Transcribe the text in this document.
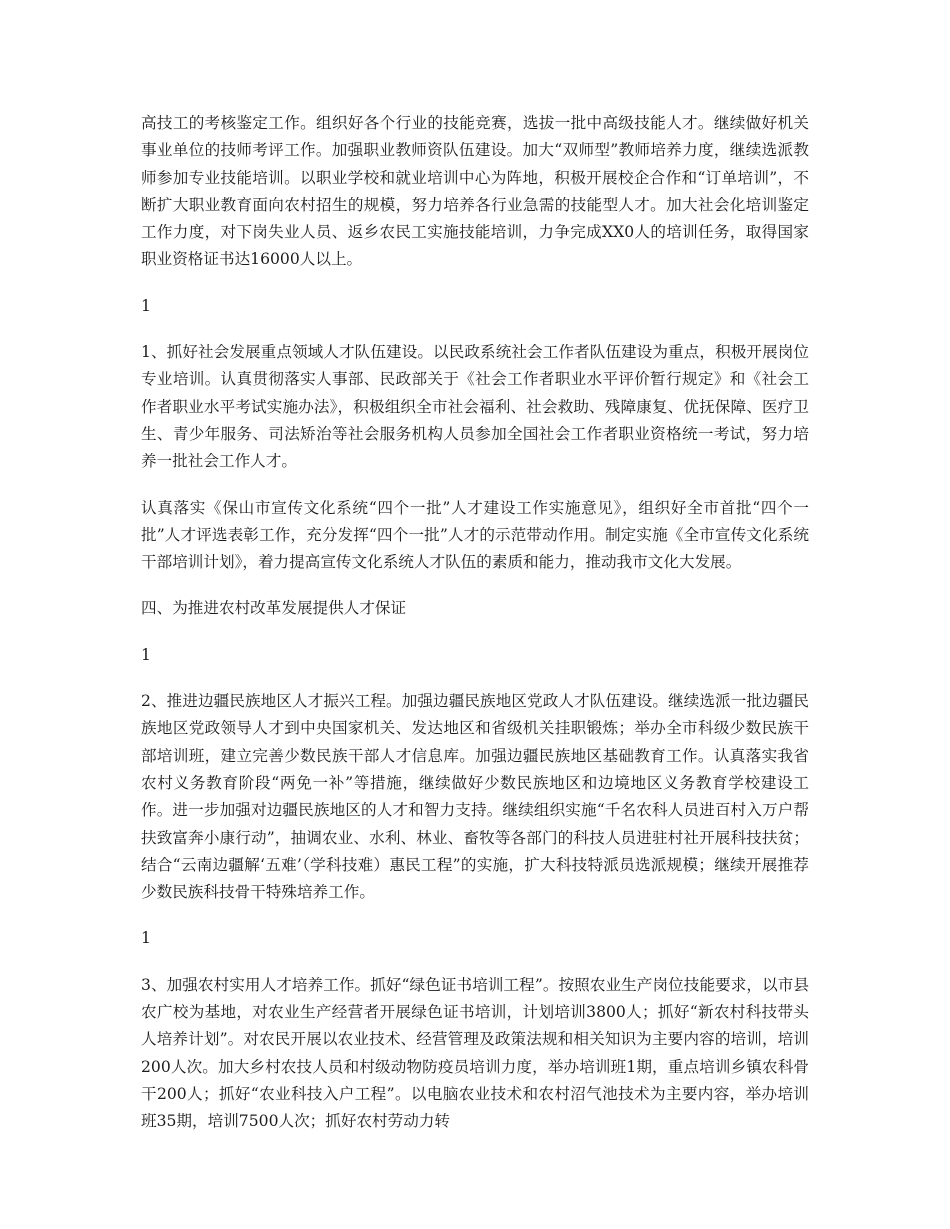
高技工的考核鉴定工作。组织好各个行业的技能竞赛，选拔一批中高级技能人才。继续做好机关事业单位的技师考评工作。加强职业教师资队伍建设。加大“双师型”教师培养力度，继续选派教师参加专业技能培训。以职业学校和就业培训中心为阵地，积极开展校企合作和“订单培训”，不断扩大职业教育面向农村招生的规模，努力培养各行业急需的技能型人才。加大社会化培训鉴定工作力度，对下岗失业人员、返乡农民工实施技能培训，力争完成XX0人的培训任务，取得国家职业资格证书达16000人以上。

1

1、抓好社会发展重点领域人才队伍建设。以民政系统社会工作者队伍建设为重点，积极开展岗位专业培训。认真贯彻落实人事部、民政部关于《社会工作者职业水平评价暂行规定》和《社会工作者职业水平考试实施办法》，积极组织全市社会福利、社会救助、残障康复、优抚保障、医疗卫生、青少年服务、司法矫治等社会服务机构人员参加全国社会工作者职业资格统一考试，努力培养一批社会工作人才。

认真落实《保山市宣传文化系统“四个一批”人才建设工作实施意见》，组织好全市首批“四个一批”人才评选表彰工作，充分发挥“四个一批”人才的示范带动作用。制定实施《全市宣传文化系统干部培训计划》，着力提高宣传文化系统人才队伍的素质和能力，推动我市文化大发展。

四、为推进农村改革发展提供人才保证

1

2、推进边疆民族地区人才振兴工程。加强边疆民族地区党政人才队伍建设。继续选派一批边疆民族地区党政领导人才到中央国家机关、发达地区和省级机关挂职锻炼；举办全市科级少数民族干部培训班，建立完善少数民族干部人才信息库。加强边疆民族地区基础教育工作。认真落实我省农村义务教育阶段“两免一补”等措施，继续做好少数民族地区和边境地区义务教育学校建设工作。进一步加强对边疆民族地区的人才和智力支持。继续组织实施“千名农科人员进百村入万户帮扶致富奔小康行动”，抽调农业、水利、林业、畜牧等各部门的科技人员进驻村社开展科技扶贫；结合“云南边疆解‘五难’（学科技难）惠民工程”的实施，扩大科技特派员选派规模；继续开展推荐少数民族科技骨干特殊培养工作。

1

3、加强农村实用人才培养工作。抓好“绿色证书培训工程”。按照农业生产岗位技能要求，以市县农广校为基地，对农业生产经营者开展绿色证书培训，计划培训3800人；抓好“新农村科技带头人培养计划”。对农民开展以农业技术、经营管理及政策法规和相关知识为主要内容的培训，培训200人次。加大乡村农技人员和村级动物防疫员培训力度，举办培训班1期，重点培训乡镇农科骨干200人；抓好“农业科技入户工程”。以电脑农业技术和农村沼气池技术为主要内容，举办培训班35期，培训7500人次；抓好农村劳动力转
